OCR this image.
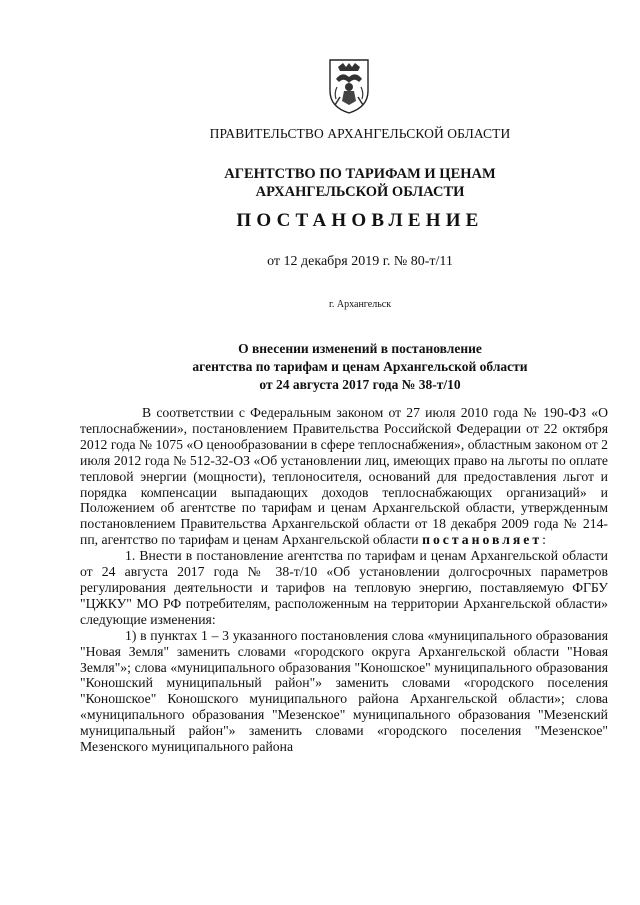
ПРАВИТЕЛЬСТВО АРХАНГЕЛЬСКОЙ ОБЛАСТИ
АГЕНТСТВО ПО ТАРИФАМ И ЦЕНАМ
АРХАНГЕЛЬСКОЙ ОБЛАСТИ
ПОСТАНОВЛЕНИЕ
от 12 декабря 2019 г. № 80-т/11
г. Архангельск
О внесении изменений в постановление
агентства по тарифам и ценам Архангельской области
от 24 августа 2017 года № 38-т/10

В соответствии с Федеральным законом от 27 июля 2010 года № 190-ФЗ «О теплоснабжении», постановлением Правительства Российской Федерации от 22 октября 2012 года № 1075 «О ценообразовании в сфере теплоснабжения», областным законом от 2 июля 2012 года № 512-32-ОЗ «Об установлении лиц, имеющих право на льготы по оплате тепловой энергии (мощности), теплоносителя, оснований для предоставления льгот и порядка компенсации выпадающих доходов теплоснабжающих организаций» и Положением об агентстве по тарифам и ценам Архангельской области, утвержденным постановлением Правительства Архангельской области от 18 декабря 2009 года № 214-пп, агентство по тарифам и ценам Архангельской области постановляет:

1. Внести в постановление агентства по тарифам и ценам Архангельской области от 24 августа 2017 года № 38-т/10 «Об установлении долгосрочных параметров регулирования деятельности и тарифов на тепловую энергию, поставляемую ФГБУ "ЦЖКУ" МО РФ потребителям, расположенным на территории Архангельской области» следующие изменения:

1) в пунктах 1 – 3 указанного постановления слова «муниципального образования "Новая Земля" заменить словами «городского округа Архангельской области "Новая Земля"»; слова «муниципального образования "Коношское" муниципального образования "Коношский муниципальный район"» заменить словами «городского поселения "Коношское" Коношского муниципального района Архангельской области»; слова «муниципального образования "Мезенское" муниципального образования "Мезенский муниципальный район"» заменить словами «городского поселения "Мезенское" Мезенского муниципального района
